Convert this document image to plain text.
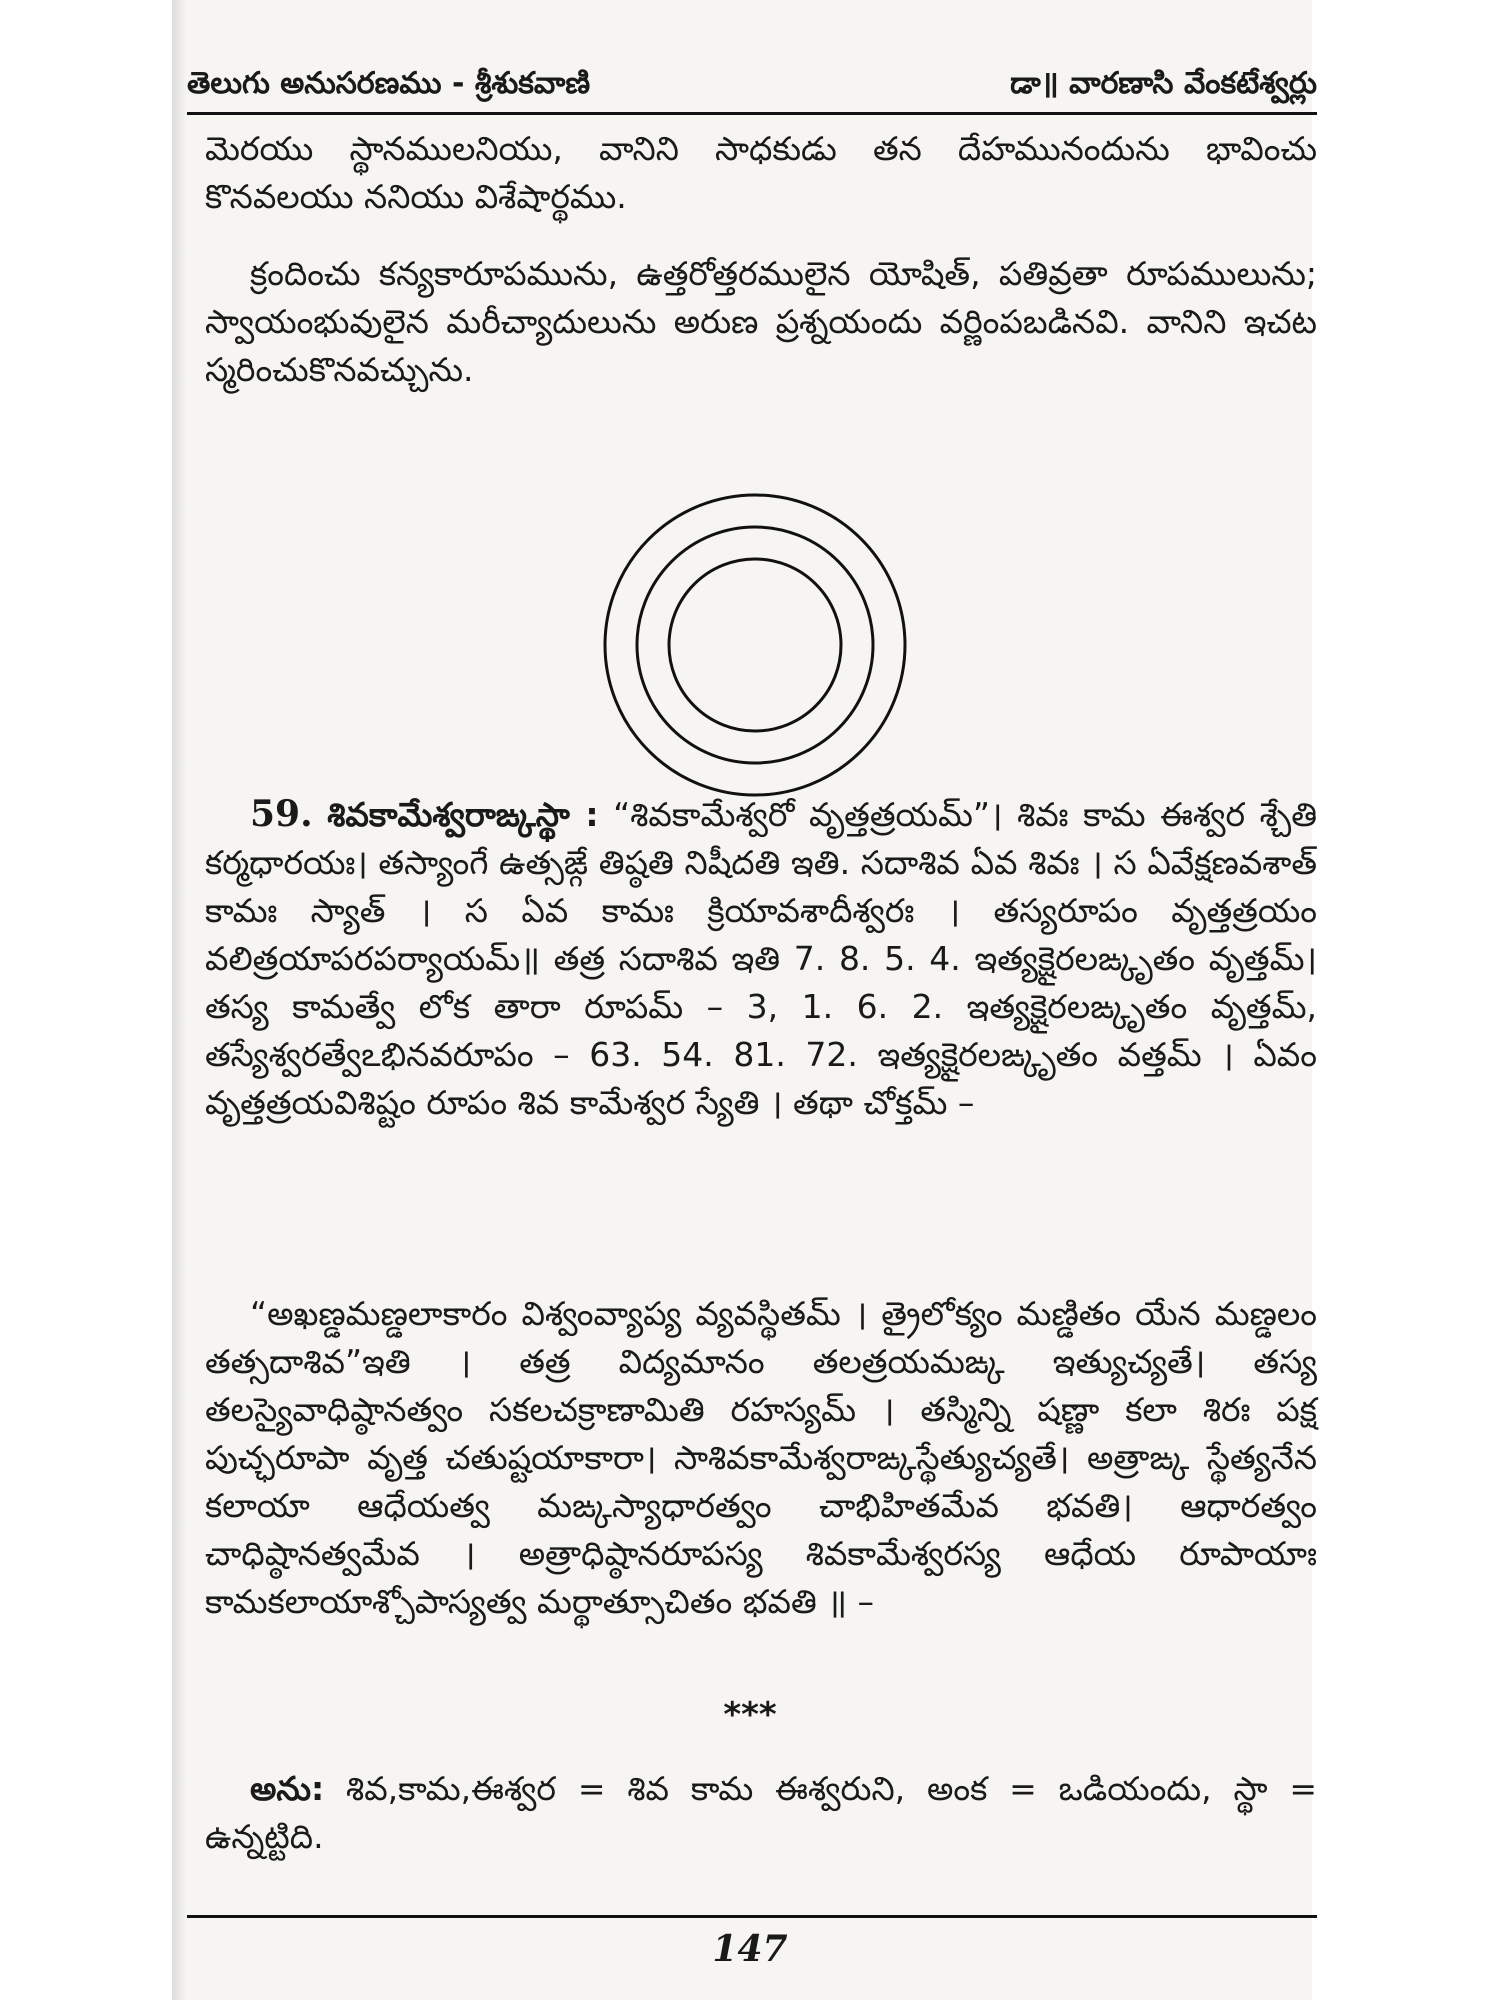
తెలుగు అనుసరణము - శ్రీశుకవాణి	డా॥ వారణాసి వేంకటేశ్వర్లు

మెరయు స్థానములనియు, వానిని సాధకుడు తన దేహమునందును భావించు కొనవలయు ననియు విశేషార్థము.

క్రందించు కన్యకారూపమును, ఉత్తరోత్తరములైన యోషిత్, పతివ్రతా రూపములును; స్వాయంభువులైన మరీచ్యాదులును అరుణ ప్రశ్నయందు వర్ణింపబడినవి. వానిని ఇచట స్మరించుకొనవచ్చును.

59. శివకామేశ్వరాఙ్కస్థా : “శివకామేశ్వరో వృత్తత్రయమ్”। శివః కామ ఈశ్వర శ్చేతి కర్మధారయః। తస్యాంగే ఉత్సఙ్గే తిష్ఠతి నిషీదతి ఇతి. సదాశివ ఏవ శివః । స ఏవేక్షణవశాత్ కామః స్యాత్ । స ఏవ కామః క్రియావశాదీశ్వరః । తస్యరూపం వృత్తత్రయం వలిత్రయాపరపర్యాయమ్॥ తత్ర సదాశివ ఇతి 7. 8. 5. 4. ఇత్యక్షైరలఙ్కృతం వృత్తమ్। తస్య కామత్వే లోక తారా రూపమ్ – 3, 1. 6. 2. ఇత్యక్షైరలఙ్కృతం వృత్తమ్, తస్యేశ్వరత్వేఽభినవరూపం – 63. 54. 81. 72. ఇత్యక్షైరలఙ్కృతం వత్తమ్ । ఏవం వృత్తత్రయవిశిష్టం రూపం శివ కామేశ్వర స్యేతి । తథా చోక్తమ్ –

“అఖణ్డమణ్డలాకారం విశ్వంవ్యాప్య వ్యవస్థితమ్ । త్రైలోక్యం మణ్డితం యేన మణ్డలం తత్సదాశివ”ఇతి । తత్ర విద్యమానం తలత్రయమఙ్క ఇత్యుచ్యతే। తస్య తలస్యైవాధిష్ఠానత్వం సకలచక్రాణామితి రహస్యమ్ । తస్మిన్ని షణ్ణా కలా శిరః పక్ష పుచ్ఛరూపా వృత్త చతుష్టయాకారా। సాశివకామేశ్వరాఙ్కస్థేత్యుచ్యతే। అత్రాఙ్క స్థేత్యనేన కలాయా ఆధేయత్వ మఙ్కస్యాధారత్వం చాభిహితమేవ భవతి। ఆధారత్వం చాధిష్ఠానత్వమేవ । అత్రాధిష్ఠానరూపస్య శివకామేశ్వరస్య ఆధేయ రూపాయాః కామకలాయాశ్చోపాస్యత్వ మర్థాత్సూచితం భవతి ॥ –

***

అను: శివ,కామ,ఈశ్వర = శివ కామ ఈశ్వరుని, అంక = ఒడియందు, స్థా = ఉన్నట్టిది.

147
